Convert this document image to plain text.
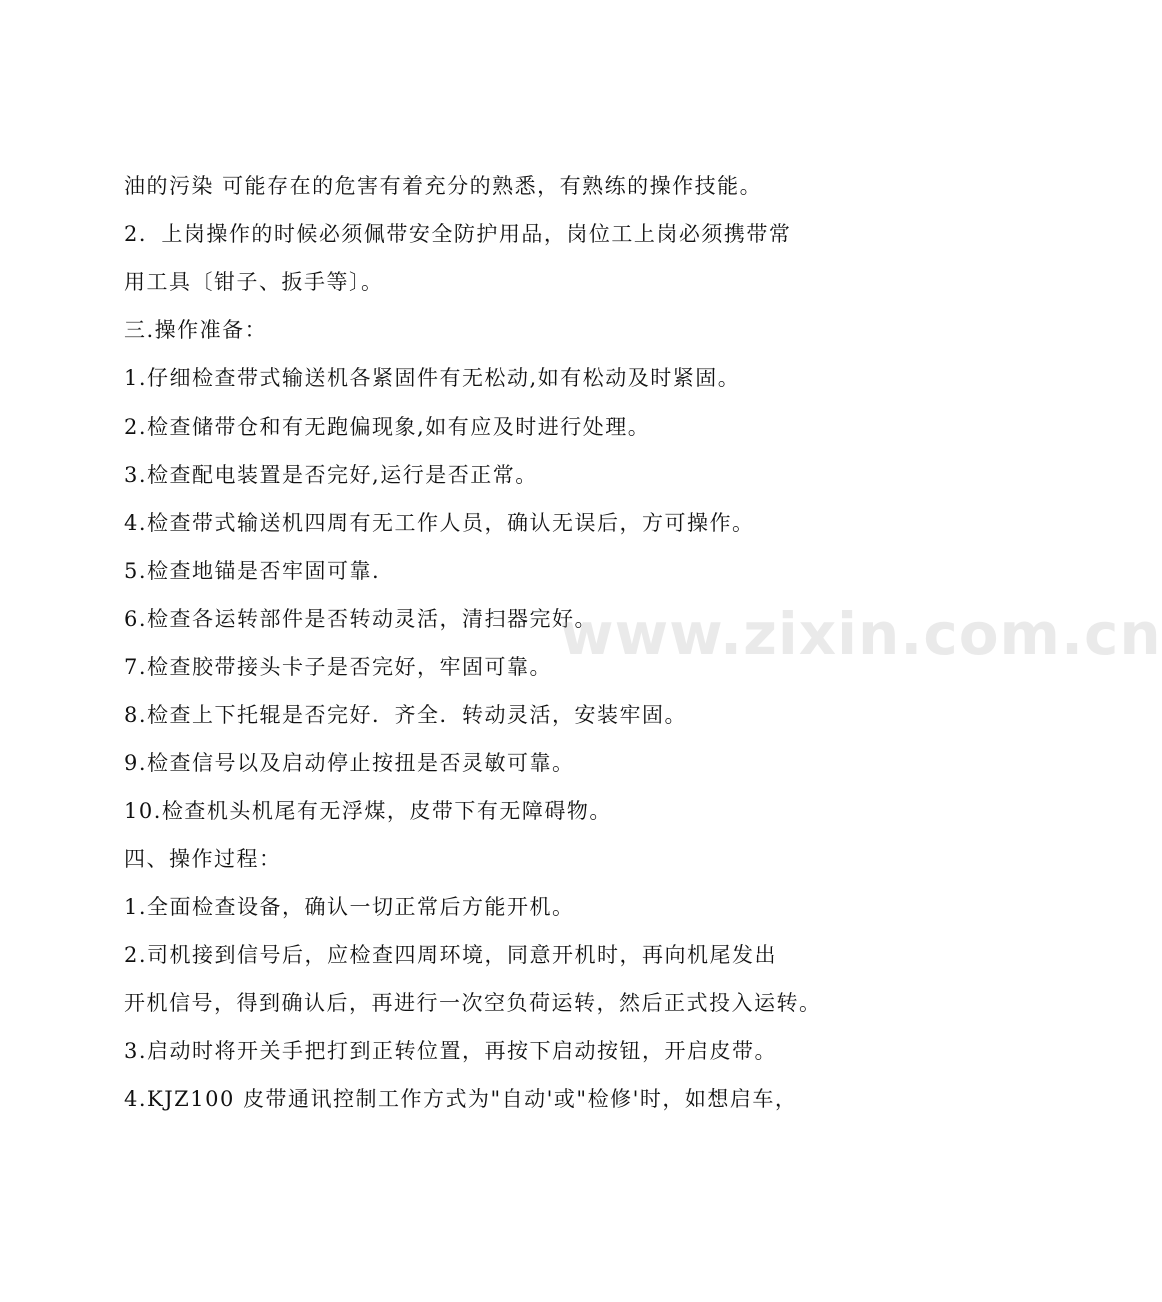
油的污染 可能存在的危害有着充分的熟悉，有熟练的操作技能。
2．上岗操作的时候必须佩带安全防护用品，岗位工上岗必须携带常
用工具〔钳子、扳手等〕。
三.操作准备：
1.仔细检查带式输送机各紧固件有无松动,如有松动及时紧固。
2.检查储带仓和有无跑偏现象,如有应及时进行处理。
3.检查配电装置是否完好,运行是否正常。
4.检查带式输送机四周有无工作人员，确认无误后，方可操作。
5.检查地锚是否牢固可靠.
6.检查各运转部件是否转动灵活，清扫器完好。
7.检查胶带接头卡子是否完好，牢固可靠。
8.检查上下托辊是否完好．齐全．转动灵活，安装牢固。
9.检查信号以及启动停止按扭是否灵敏可靠。
10.检查机头机尾有无浮煤，皮带下有无障碍物。
四、操作过程：
1.全面检查设备，确认一切正常后方能开机。
2.司机接到信号后，应检查四周环境，同意开机时，再向机尾发出
开机信号，得到确认后，再进行一次空负荷运转，然后正式投入运转。
3.启动时将开关手把打到正转位置，再按下启动按钮，开启皮带。
4.KJZ100 皮带通讯控制工作方式为"自动'或"检修'时，如想启车，
www.zixin.com.cn
